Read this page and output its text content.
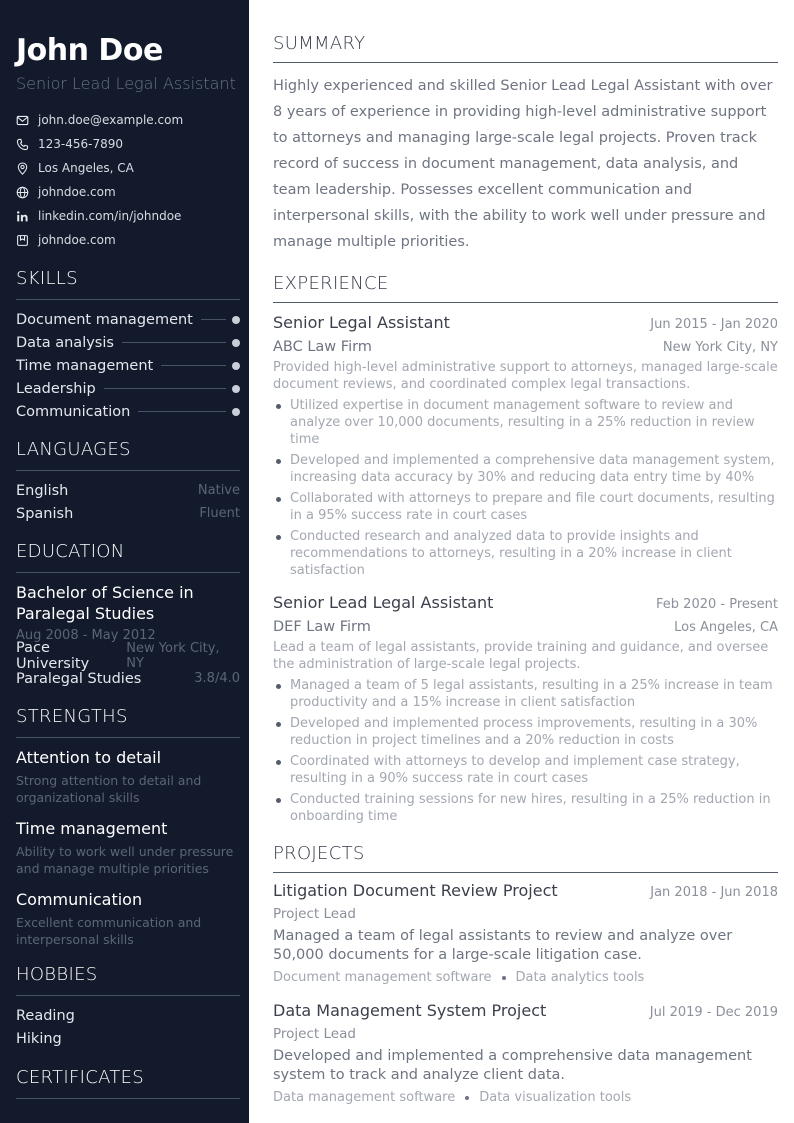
John Doe
Senior Lead Legal Assistant
john.doe@example.com
123-456-7890
Los Angeles, CA
johndoe.com
linkedin.com/in/johndoe
johndoe.com
SKILLS
Document management
Data analysis
Time management
Leadership
Communication
LANGUAGES
English	Native
Spanish	Fluent
EDUCATION
Bachelor of Science in Paralegal Studies
Aug 2008 - May 2012
Pace University
New York City, NY
Paralegal Studies	3.8/4.0
STRENGTHS
Attention to detail
Strong attention to detail and organizational skills
Time management
Ability to work well under pressure and manage multiple priorities
Communication
Excellent communication and interpersonal skills
HOBBIES
Reading
Hiking
CERTIFICATES
SUMMARY

Highly experienced and skilled Senior Lead Legal Assistant with over 8 years of experience in providing high-level administrative support to attorneys and managing large-scale legal projects. Proven track record of success in document management, data analysis, and team leadership. Possesses excellent communication and interpersonal skills, with the ability to work well under pressure and manage multiple priorities.

EXPERIENCE
Senior Legal Assistant	Jun 2015 - Jan 2020
ABC Law Firm	New York City, NY
Provided high-level administrative support to attorneys, managed large-scale document reviews, and coordinated complex legal transactions.
Utilized expertise in document management software to review and analyze over 10,000 documents, resulting in a 25% reduction in review time
Developed and implemented a comprehensive data management system, increasing data accuracy by 30% and reducing data entry time by 40%
Collaborated with attorneys to prepare and file court documents, resulting in a 95% success rate in court cases
Conducted research and analyzed data to provide insights and recommendations to attorneys, resulting in a 20% increase in client satisfaction
Senior Lead Legal Assistant	Feb 2020 - Present
DEF Law Firm	Los Angeles, CA
Lead a team of legal assistants, provide training and guidance, and oversee the administration of large-scale legal projects.
Managed a team of 5 legal assistants, resulting in a 25% increase in team productivity and a 15% increase in client satisfaction
Developed and implemented process improvements, resulting in a 30% reduction in project timelines and a 20% reduction in costs
Coordinated with attorneys to develop and implement case strategy, resulting in a 90% success rate in court cases
Conducted training sessions for new hires, resulting in a 25% reduction in onboarding time
PROJECTS
Litigation Document Review Project	Jan 2018 - Jun 2018
Project Lead
Managed a team of legal assistants to review and analyze over 50,000 documents for a large-scale litigation case.
Document management software Data analytics tools
Data Management System Project	Jul 2019 - Dec 2019
Project Lead
Developed and implemented a comprehensive data management system to track and analyze client data.
Data management software Data visualization tools
